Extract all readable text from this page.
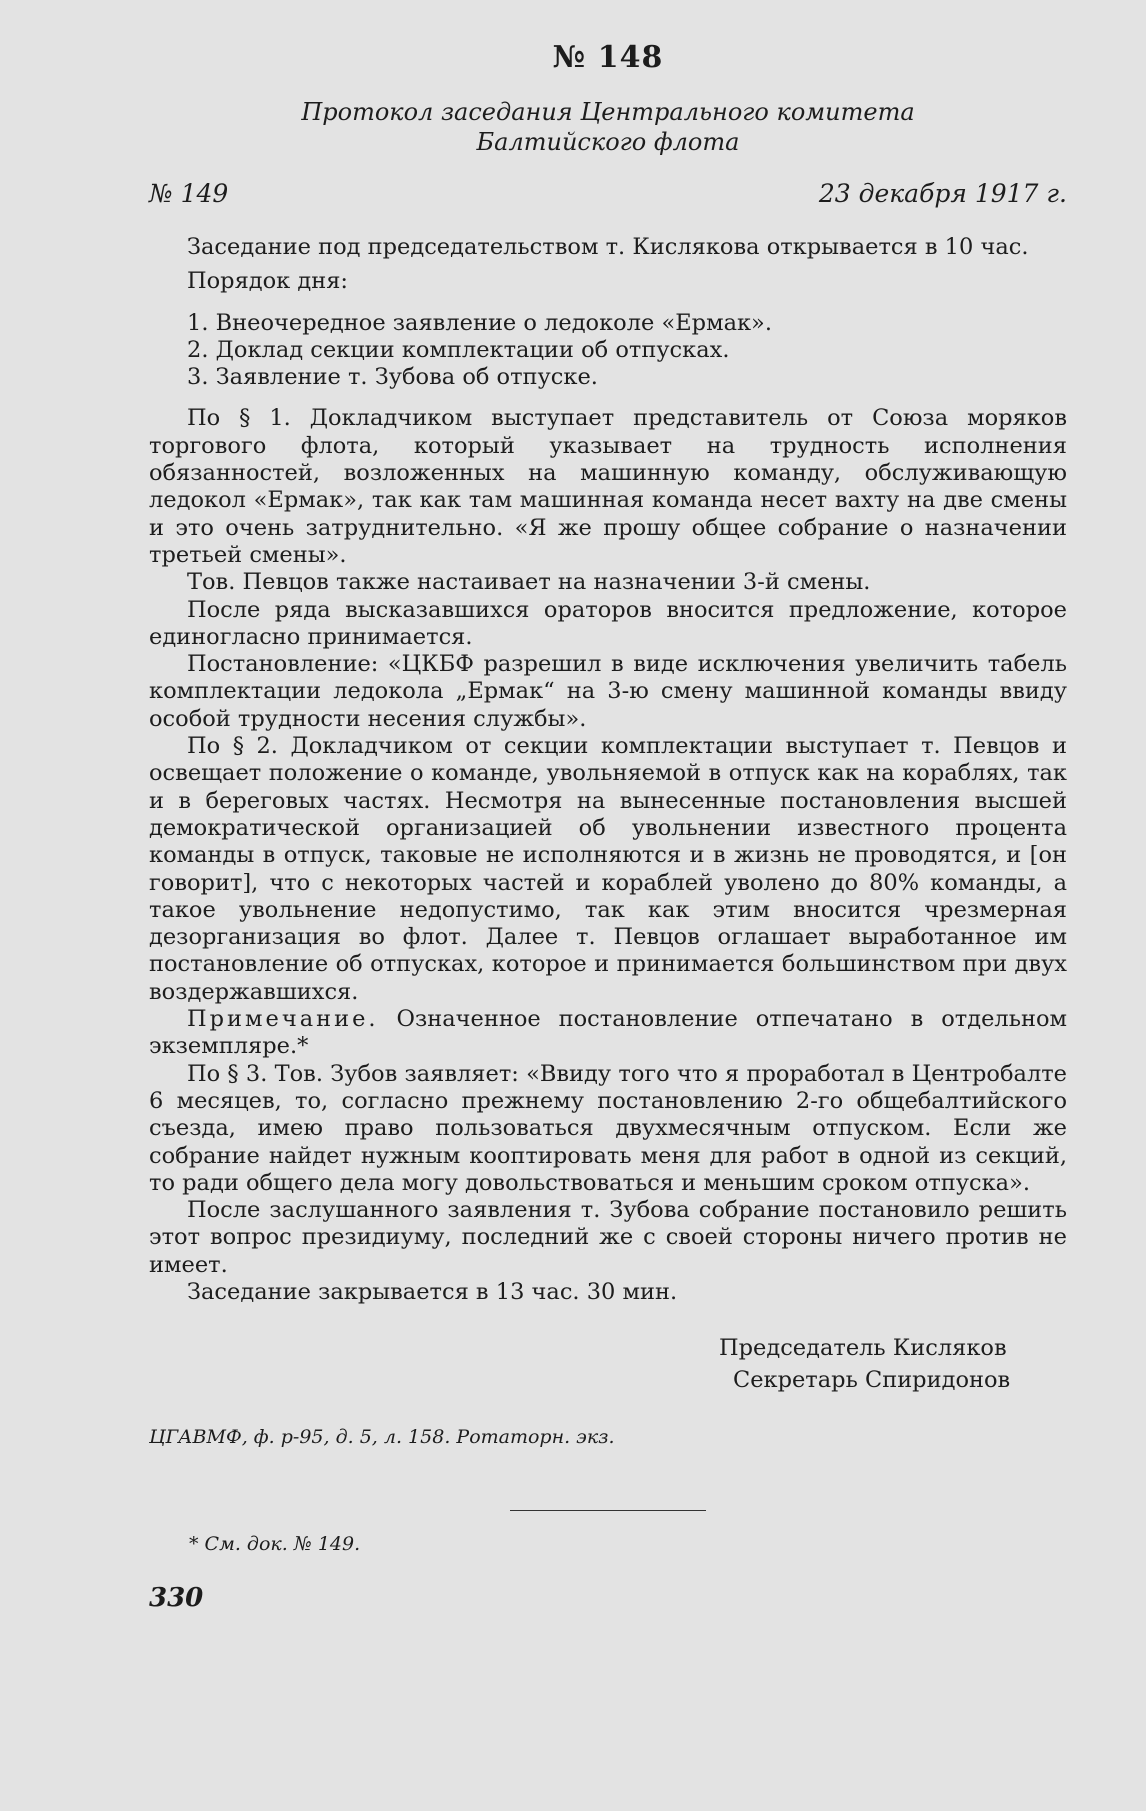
№ 148
Протокол заседания Центрального комитета
Балтийского флота
№ 149	23 декабря 1917 г.

Заседание под председательством т. Кислякова открывается в 10 час.

Порядок дня:

1. Внеочередное заявление о ледоколе «Ермак».
2. Доклад секции комплектации об отпусках.
3. Заявление т. Зубова об отпуске.

По § 1. Докладчиком выступает представитель от Союза моряков торгового флота, который указывает на трудность исполнения обязанностей, возложенных на машинную команду, обслуживающую ледокол «Ермак», так как там машинная команда несет вахту на две смены и это очень затруднительно. «Я же прошу общее собрание о назначении третьей смены».

Тов. Певцов также настаивает на назначении 3-й смены.

После ряда высказавшихся ораторов вносится предложение, которое единогласно принимается.

Постановление: «ЦКБФ разрешил в виде исключения увеличить табель комплектации ледокола „Ермак“ на 3-ю смену машинной команды ввиду особой трудности несения службы».

По § 2. Докладчиком от секции комплектации выступает т. Певцов и освещает положение о команде, увольняемой в отпуск как на кораблях, так и в береговых частях. Несмотря на вынесенные постановления высшей демократической организацией об увольнении известного процента команды в отпуск, таковые не исполняются и в жизнь не проводятся, и [он говорит], что с некоторых частей и кораблей уволено до 80% команды, а такое увольнение недопустимо, так как этим вносится чрезмерная дезорганизация во флот. Далее т. Певцов оглашает выработанное им постановление об отпусках, которое и принимается большинством при двух воздержавшихся.

Примечание. Означенное постановление отпечатано в отдельном экземпляре.*

По § 3. Тов. Зубов заявляет: «Ввиду того что я проработал в Центробалте 6 месяцев, то, согласно прежнему постановлению 2-го общебалтийского съезда, имею право пользоваться двухмесячным отпуском. Если же собрание найдет нужным кооптировать меня для работ в одной из секций, то ради общего дела могу довольствоваться и меньшим сроком отпуска».

После заслушанного заявления т. Зубова собрание постановило решить этот вопрос президиуму, последний же с своей стороны ничего против не имеет.

Заседание закрывается в 13 час. 30 мин.

Председатель Кисляков
Секретарь Спиридонов
ЦГАВМФ, ф. р-95, д. 5, л. 158. Ротаторн. экз.
* См. док. № 149.
330
